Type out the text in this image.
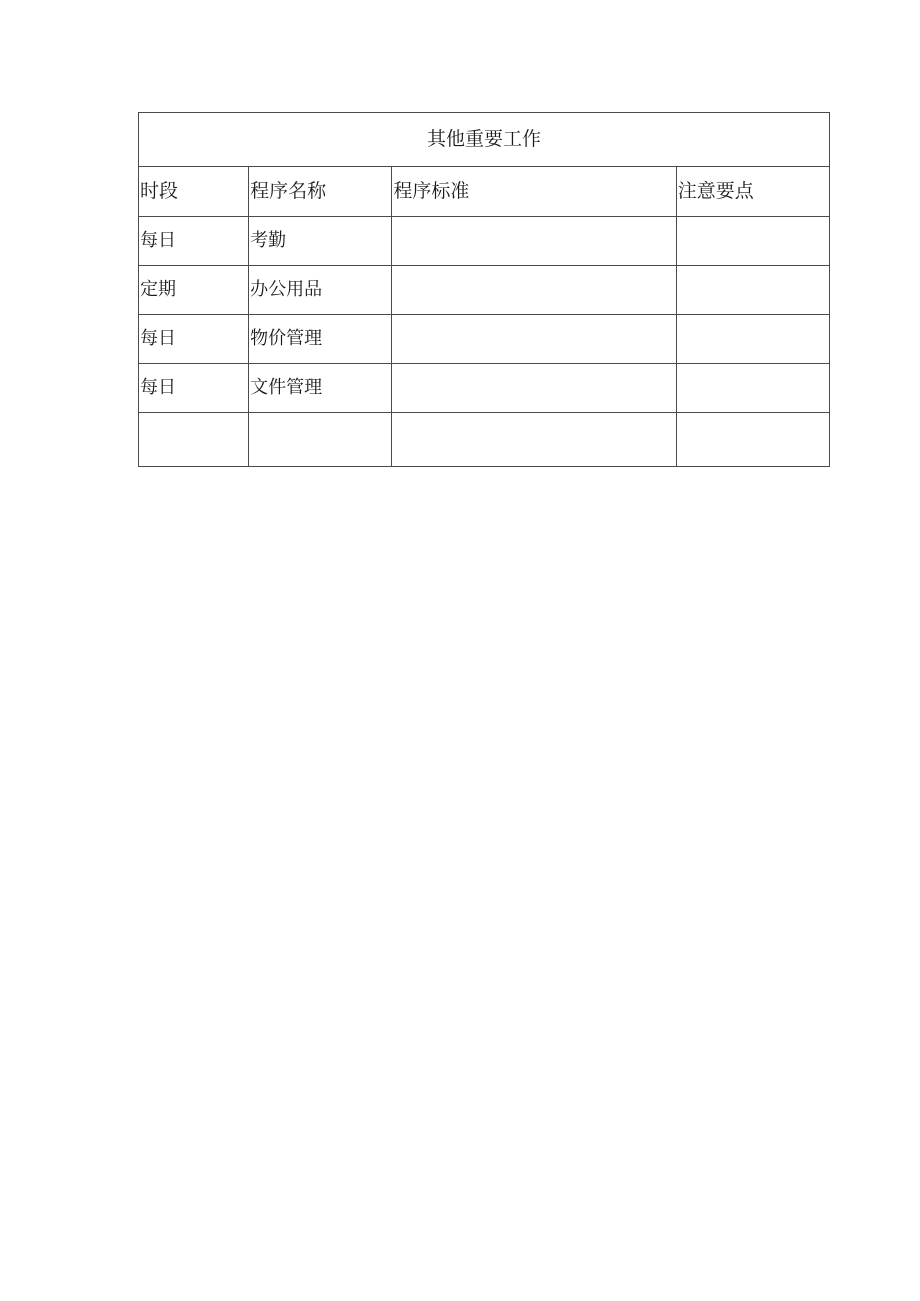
其他重要工作			
时段	程序名称	程序标准	注意要点
每日	考勤		
定期	办公用品		
每日	物价管理		
每日	文件管理		
